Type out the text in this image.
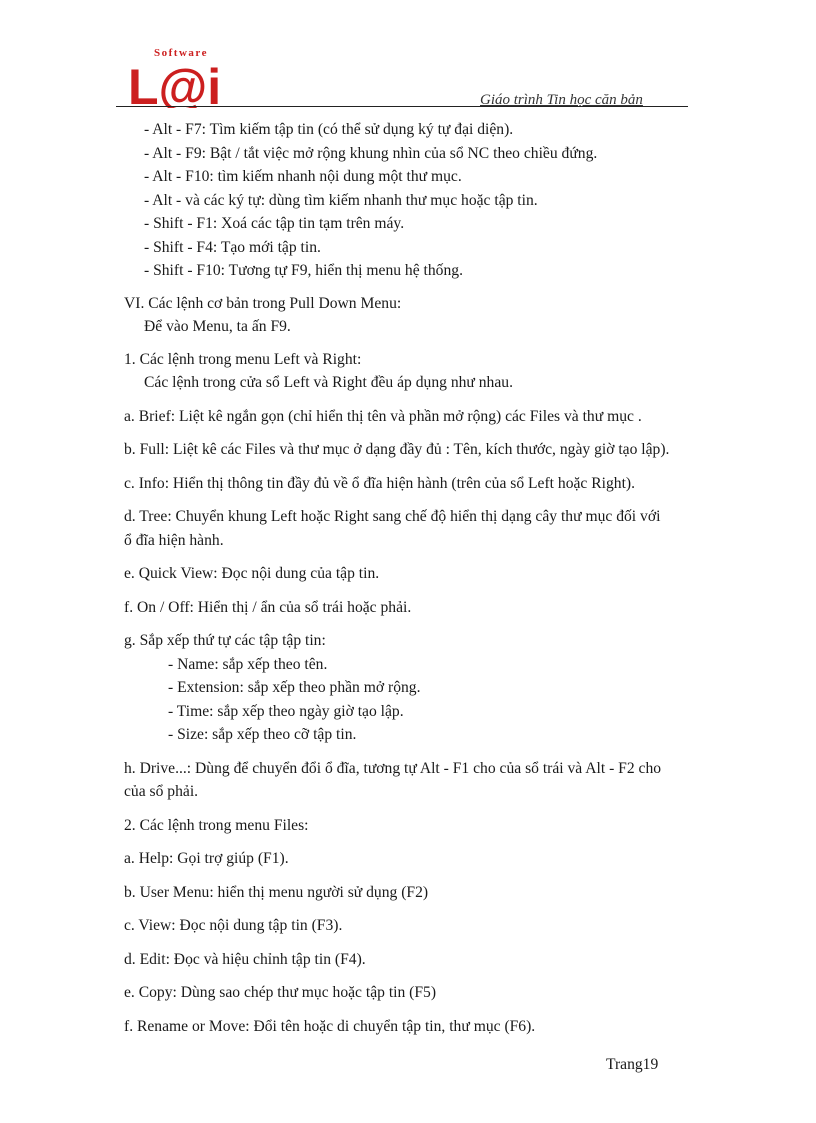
Software
L@i	Giáo trình Tin học căn bản

- Alt - F7: Tìm kiếm tập tin (có thể sử dụng ký tự đại diện).

- Alt - F9: Bật / tắt việc mở rộng khung nhìn của sổ NC theo chiều đứng.

- Alt - F10: tìm kiếm nhanh nội dung một thư mục.

- Alt - và các ký tự: dùng tìm kiếm nhanh thư mục hoặc tập tin.

- Shift - F1: Xoá các tập tin tạm trên máy.

- Shift - F4: Tạo mới tập tin.

- Shift - F10: Tương tự F9, hiển thị menu hệ thống.

VI. Các lệnh cơ bản trong Pull Down Menu:

Để vào Menu, ta ấn F9.

1. Các lệnh trong menu Left và Right:

Các lệnh trong cửa sổ Left và Right đều áp dụng như nhau.

a. Brief: Liệt kê ngắn gọn (chỉ hiển thị tên và phần mở rộng) các Files và thư mục .

b. Full: Liệt kê các Files và thư mục ở dạng đầy đủ : Tên, kích thước, ngày giờ tạo lập).

c. Info: Hiển thị thông tin đầy đủ về ổ đĩa hiện hành (trên của sổ Left hoặc Right).

d. Tree: Chuyển khung Left hoặc Right sang chế độ hiển thị dạng cây thư mục đối với

ổ đĩa hiện hành.

e. Quick View: Đọc nội dung của tập tin.

f. On / Off: Hiển thị / ẩn của sổ trái hoặc phải.

g. Sắp xếp thứ tự các tập tập tin:

- Name: sắp xếp theo tên.

- Extension: sắp xếp theo phần mở rộng.

- Time: sắp xếp theo ngày giờ tạo lập.

- Size: sắp xếp theo cỡ tập tin.

h. Drive...: Dùng để chuyển đổi ổ đĩa, tương tự Alt - F1 cho của sổ trái và Alt - F2 cho

của sổ phải.

2. Các lệnh trong menu Files:

a. Help: Gọi trợ giúp (F1).

b. User Menu: hiển thị menu người sử dụng (F2)

c. View: Đọc nội dung tập tin (F3).

d. Edit: Đọc và hiệu chỉnh tập tin (F4).

e. Copy: Dùng sao chép thư mục hoặc tập tin (F5)

f. Rename or Move: Đổi tên hoặc di chuyển tập tin, thư mục (F6).

Trang19
